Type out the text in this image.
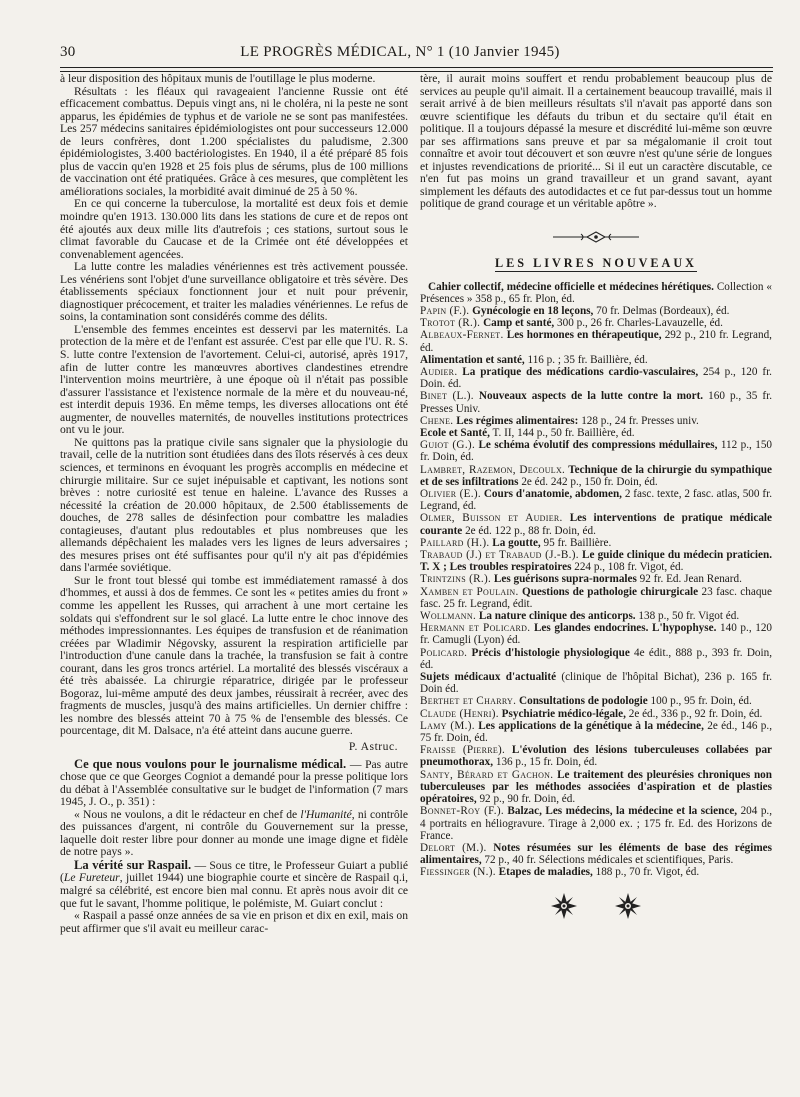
30	LE PROGRÈS MÉDICAL, N° 1 (10 Janvier 1945)

à leur disposition des hôpitaux munis de l'outillage le plus moderne.

Résultats : les fléaux qui ravageaient l'ancienne Russie ont été efficacement combattus. Depuis vingt ans, ni le choléra, ni la peste ne sont apparus, les épidémies de typhus et de variole ne se sont pas manifestées. Les 257 médecins sanitaires épidémiologistes ont pour successeurs 12.000 de leurs confrères, dont 1.200 spécialistes du paludisme, 2.300 épidémiologistes, 3.400 bactériologistes. En 1940, il a été préparé 85 fois plus de vaccin qu'en 1928 et 25 fois plus de sérums, plus de 100 millions de vaccination ont été pratiquées. Grâce à ces mesures, que complètent les améliorations sociales, la morbidité avait diminué de 25 à 50 %.

En ce qui concerne la tuberculose, la mortalité est deux fois et demie moindre qu'en 1913. 130.000 lits dans les stations de cure et de repos ont été ajoutés aux deux mille lits d'autrefois ; ces stations, surtout sous le climat favorable du Caucase et de la Crimée ont été développées et convenablement agencées.

La lutte contre les maladies vénériennes est très activement poussée. Les vénériens sont l'objet d'une surveillance obligatoire et très sévère. Des établissements spéciaux fonctionnent jour et nuit pour prévenir, diagnostiquer précocement, et traiter les maladies vénériennes. Le refus de soins, la contamination sont considérés comme des délits.

L'ensemble des femmes enceintes est desservi par les maternités. La protection de la mère et de l'enfant est assurée. C'est par elle que l'U. R. S. S. lutte contre l'extension de l'avortement. Celui-ci, autorisé, après 1917, afin de lutter contre les manœuvres abortives clandestines etrendre l'intervention moins meurtrière, à une époque où il n'était pas possible d'assurer l'assistance et l'existence normale de la mère et du nouveau-né, est interdit depuis 1936. En même temps, les diverses allocations ont été augmenter, de nouvelles maternités, de nouvelles institutions protectrices ont vu le jour.

Ne quittons pas la pratique civile sans signaler que la physiologie du travail, celle de la nutrition sont étudiées dans des îlots réservés à ces deux sciences, et terminons en évoquant les progrès accomplis en médecine et chirurgie militaire. Sur ce sujet inépuisable et captivant, les notions sont brèves : notre curiosité est tenue en haleine. L'avance des Russes a nécessité la création de 20.000 hôpitaux, de 2.500 établissements de douches, de 278 salles de désinfection pour combattre les maladies contagieuses, d'autant plus redoutables et plus nombreuses que les allemands dépêchaient les malades vers les lignes de leurs adversaires ; des mesures prises ont été suffisantes pour qu'il n'y ait pas d'épidémies dans l'armée soviétique.

Sur le front tout blessé qui tombe est immédiatement ramassé à dos d'hommes, et aussi à dos de femmes. Ce sont les « petites amies du front » comme les appellent les Russes, qui arrachent à une mort certaine les soldats qui s'effondrent sur le sol glacé. La lutte entre le choc innove des méthodes impressionnantes. Les équipes de transfusion et de réanimation créées par Wladimir Négovsky, assurent la respiration artificielle par l'introduction d'une canule dans la trachée, la transfusion se fait à contre courant, dans les gros troncs artériel. La mortalité des blessés viscéraux a été très abaissée. La chirurgie réparatrice, dirigée par le professeur Bogoraz, lui-même amputé des deux jambes, réussirait à recréer, avec des fragments de muscles, jusqu'à des mains artificielles. Un dernier chiffre : les nombre des blessés atteint 70 à 75 % de l'ensemble des blessés. Ce pourcentage, dit M. Dalsace, n'a été atteint dans aucune guerre.

P. Astruc.

Ce que nous voulons pour le journalisme médical. — Pas autre chose que ce que Georges Cogniot a demandé pour la presse politique lors du débat à l'Assemblée consultative sur le budget de l'information (7 mars 1945, J. O., p. 351) :

« Nous ne voulons, a dit le rédacteur en chef de l'Humanité, ni contrôle des puissances d'argent, ni contrôle du Gouvernement sur la presse, laquelle doit rester libre pour donner au monde une image digne et fidèle de notre pays ».

La vérité sur Raspail. — Sous ce titre, le Professeur Guiart a publié (Le Fureteur, juillet 1944) une biographie courte et sincère de Raspail q.i, malgré sa célébrité, est encore bien mal connu. Et après nous avoir dit ce que fut le savant, l'homme politique, le polémiste, M. Guiart conclut :

« Raspail a passé onze années de sa vie en prison et dix en exil, mais on peut affirmer que s'il avait eu meilleur carac-

tère, il aurait moins souffert et rendu probablement beaucoup plus de services au peuple qu'il aimait. Il a certainement beaucoup travaillé, mais il serait arrivé à de bien meilleurs résultats s'il n'avait pas apporté dans son œuvre scientifique les défauts du tribun et du sectaire qu'il était en politique. Il a toujours dépassé la mesure et discrédité lui-même son œuvre par ses affirmations sans preuve et par sa mégalomanie il croit tout connaître et avoir tout découvert et son œuvre n'est qu'une série de longues et injustes revendications de priorité... Si il eut un caractère discutable, ce n'en fut pas moins un grand travailleur et un grand savant, ayant simplement les défauts des autodidactes et ce fut par-dessus tout un homme politique de grand courage et un véritable apôtre ».

LES LIVRES NOUVEAUX

Cahier collectif, médecine officielle et médecines hérétiques. Collection « Présences » 358 p., 65 fr. Plon, éd.

Papin (F.). Gynécologie en 18 leçons, 70 fr. Delmas (Bordeaux), éd.

Trotot (R.). Camp et santé, 300 p., 26 fr. Charles-Lavauzelle, éd.

Albeaux-Fernet. Les hormones en thérapeutique, 292 p., 210 fr. Legrand, éd.

Alimentation et santé, 116 p. ; 35 fr. Baillière, éd.

Audier. La pratique des médications cardio-vasculaires, 254 p., 120 fr. Doin. éd.

Binet (L.). Nouveaux aspects de la lutte contre la mort. 160 p., 35 fr. Presses Univ.

Chene. Les régimes alimentaires: 128 p., 24 fr. Presses univ.

Ecole et Santé, T. II, 144 p., 50 fr. Baillière, éd.

Guiot (G.). Le schéma évolutif des compressions médullaires, 112 p., 150 fr. Doin, éd.

Lambret, Razemon, Decoulx. Technique de la chirurgie du sympathique et de ses infiltrations 2e éd. 242 p., 150 fr. Doin, éd.

Olivier (E.). Cours d'anatomie, abdomen, 2 fasc. texte, 2 fasc. atlas, 500 fr. Legrand, éd.

Olmer, Buisson et Audier. Les interventions de pratique médicale courante 2e éd. 122 p., 88 fr. Doin, éd.

Paillard (H.). La goutte, 95 fr. Baillière.

Trabaud (J.) et Trabaud (J.-B.). Le guide clinique du médecin praticien. T. X ; Les troubles respiratoires 224 p., 108 fr. Vigot, éd.

Trintzins (R.). Les guérisons supra-normales 92 fr. Ed. Jean Renard.

Xamben et Poulain. Questions de pathologie chirurgicale 23 fasc. chaque fasc. 25 fr. Legrand, édit.

Wollmann. La nature clinique des anticorps. 138 p., 50 fr. Vigot éd.

Hermann et Policard. Les glandes endocrines. L'hypophyse. 140 p., 120 fr. Camugli (Lyon) éd.

Policard. Précis d'histologie physiologique 4e édit., 888 p., 393 fr. Doin, éd.

Sujets médicaux d'actualité (clinique de l'hôpital Bichat), 236 p. 165 fr. Doin éd.

Berthet et Charry. Consultations de podologie 100 p., 95 fr. Doin, éd.

Claude (Henri). Psychiatrie médico-légale, 2e éd., 336 p., 92 fr. Doin, éd.

Lamy (M.). Les applications de la génétique à la médecine, 2e éd., 146 p., 75 fr. Doin, éd.

Fraisse (Pierre). L'évolution des lésions tuberculeuses collabées par pneumothorax, 136 p., 15 fr. Doin, éd.

Santy, Bérard et Gachon. Le traitement des pleurésies chroniques non tuberculeuses par les méthodes associées d'aspiration et de plasties opératoires, 92 p., 90 fr. Doin, éd.

Bonnet-Roy (F.). Balzac, Les médecins, la médecine et la science, 204 p., 4 portraits en héliogravure. Tirage à 2,000 ex. ; 175 fr. Ed. des Horizons de France.

Delort (M.). Notes résumées sur les éléments de base des régimes alimentaires, 72 p., 40 fr. Sélections médicales et scientifiques, Paris.

Fiessinger (N.). Etapes de maladies, 188 p., 70 fr. Vigot, éd.
